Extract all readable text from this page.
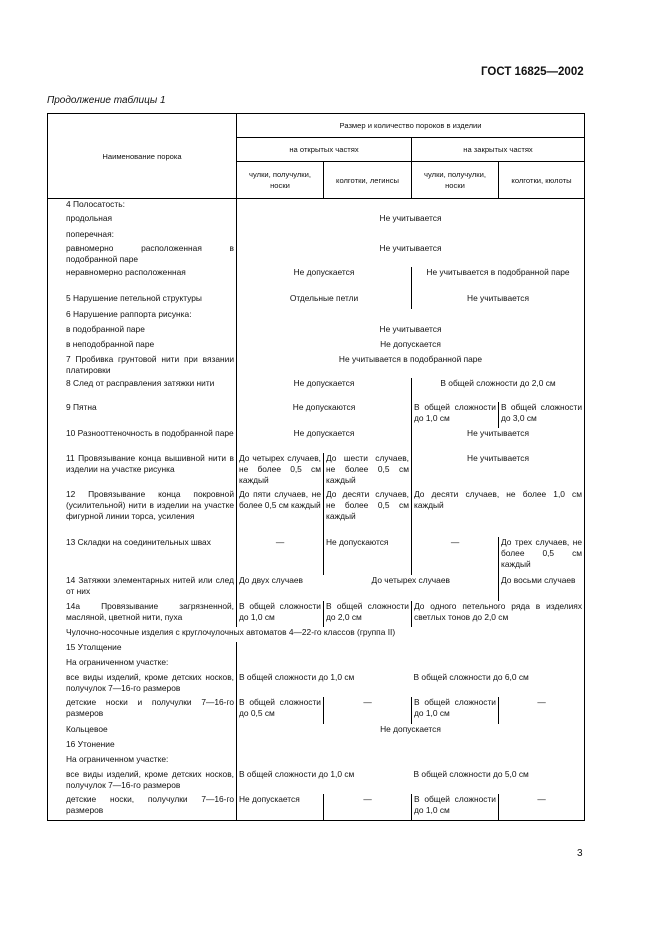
ГОСТ 16825—2002
Продолжение таблицы 1
Наименование порока	Размер и количество пороков в изделии			
	на открытых частях		на закрытых частях	
	чулки, получулки, носки	колготки, легинсы	чулки, получулки, носки	колготки, кюлоты
4 Полосатость:				
продольная	Не учитывается			
поперечная:				
равномерно расположенная в подобранной паре	Не учитывается			
неравномерно расположенная	Не допускается		Не учитывается в подобранной паре	
5 Нарушение петельной структуры	Отдельные петли		Не учитывается	
6 Нарушение раппорта рисунка:				
в подобранной паре	Не учитывается			
в неподобранной паре	Не допускается			
7 Пробивка грунтовой нити при вязании платировки	Не учитывается в подобранной паре			
8 След от расправления затяжки нити	Не допускается		В общей сложности до 2,0 см	
9 Пятна	Не допускаются		В общей сложности до 1,0 см	В общей сложности до 3,0 см
10 Разнооттеночность в подобранной паре	Не допускается		Не учитывается	
11 Провязывание конца вышивной нити в изделии на участке рисунка	До четырех случаев, не более 0,5 см каждый	До шести случаев, не более 0,5 см каждый	Не учитывается	
12 Провязывание конца покровной (усилительной) нити в изделии на участке фигурной линии торса, усиления	До пяти случаев, не более 0,5 см каждый	До десяти случаев, не более 0,5 см каждый	До десяти случаев, не более 1,0 см каждый	
13 Складки на соединительных швах	—	Не допускаются	—	До трех случаев, не более 0,5 см каждый
14 Затяжки элементарных нитей или след от них	До двух случаев	До четырех случаев		До восьми случаев
14а Провязывание загрязненной, масляной, цветной нити, пуха	В общей сложности до 1,0 см	В общей сложности до 2,0 см	До одного петельного ряда в изделиях светлых тонов до 2,0 см	
Чулочно-носочные изделия с круглочулочных автоматов 4—22-го классов (группа II)				
15 Утолщение				
На ограниченном участке:				
все виды изделий, кроме детских носков, получулок 7—16-го размеров	В общей сложности до 1,0 см		В общей сложности до 6,0 см	
детские носки и получулки 7—16-го размеров	В общей сложности до 0,5 см	—	В общей сложности до 1,0 см	—
Кольцевое	Не допускается			
16 Утонение				
На ограниченном участке:				
все виды изделий, кроме детских носков, получулок 7—16-го размеров	В общей сложности до 1,0 см		В общей сложности до 5,0 см	
детские носки, получулки 7—16-го размеров	Не допускается	—	В общей сложности до 1,0 см	—
3
